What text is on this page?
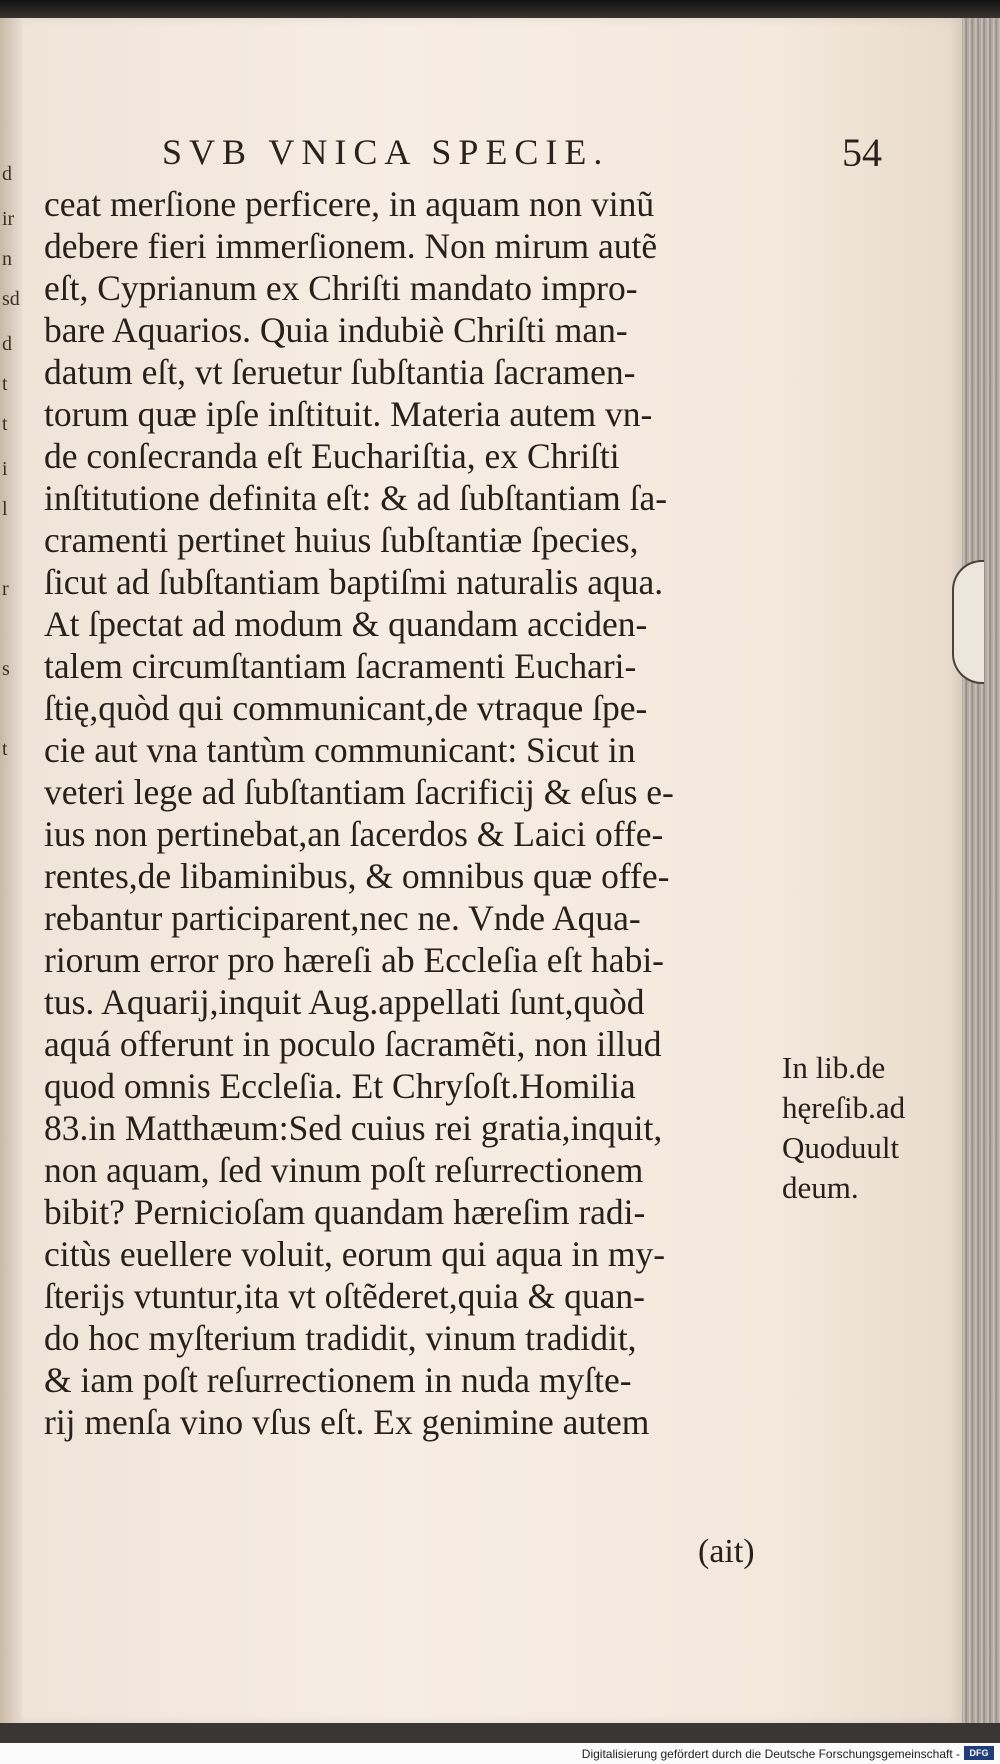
d
ir
n
sd
d
t
t
i
l
r
s
t
SVB VNICA SPECIE.	54
ceat merſione perficere, in aquam non vinũ
debere fieri immerſionem. Non mirum autẽ
eſt, Cyprianum ex Chriſti mandato impro-
bare Aquarios. Quia indubiè Chriſti man-
datum eſt, vt ſeruetur ſubſtantia ſacramen-
torum quæ ipſe inſtituit. Materia autem vn-
de conſecranda eſt Euchariſtia, ex Chriſti
inſtitutione definita eſt: & ad ſubſtantiam ſa-
cramenti pertinet huius ſubſtantiæ ſpecies,
ſicut ad ſubſtantiam baptiſmi naturalis aqua.
At ſpectat ad modum & quandam acciden-
talem circumſtantiam ſacramenti Euchari-
ſtię,quòd qui communicant,de vtraque ſpe-
cie aut vna tantùm communicant: Sicut in
veteri lege ad ſubſtantiam ſacrificij & eſus e-
ius non pertinebat,an ſacerdos & Laici offe-
rentes,de libaminibus, & omnibus quæ offe-
rebantur participarent,nec ne. Vnde Aqua-
riorum error pro hæreſi ab Eccleſia eſt habi-
tus. Aquarij,inquit Aug.appellati ſunt,quòd
aquá offerunt in poculo ſacramẽti, non illud
quod omnis Eccleſia. Et Chryſoſt.Homilia
83.in Matthæum:Sed cuius rei gratia,inquit,
non aquam, ſed vinum poſt reſurrectionem
bibit? Pernicioſam quandam hæreſim radi-
citùs euellere voluit, eorum qui aqua in my-
ſterijs vtuntur,ita vt oſtẽderet,quia & quan-
do hoc myſterium tradidit, vinum tradidit,
& iam poſt reſurrectionem in nuda myſte-
rij menſa vino vſus eſt. Ex genimine autem
In lib.de
hęreſib.ad
Quoduult
deum.
(ait)
Digitalisierung gefördert durch die Deutsche Forschungsgemeinschaft -	DFG
